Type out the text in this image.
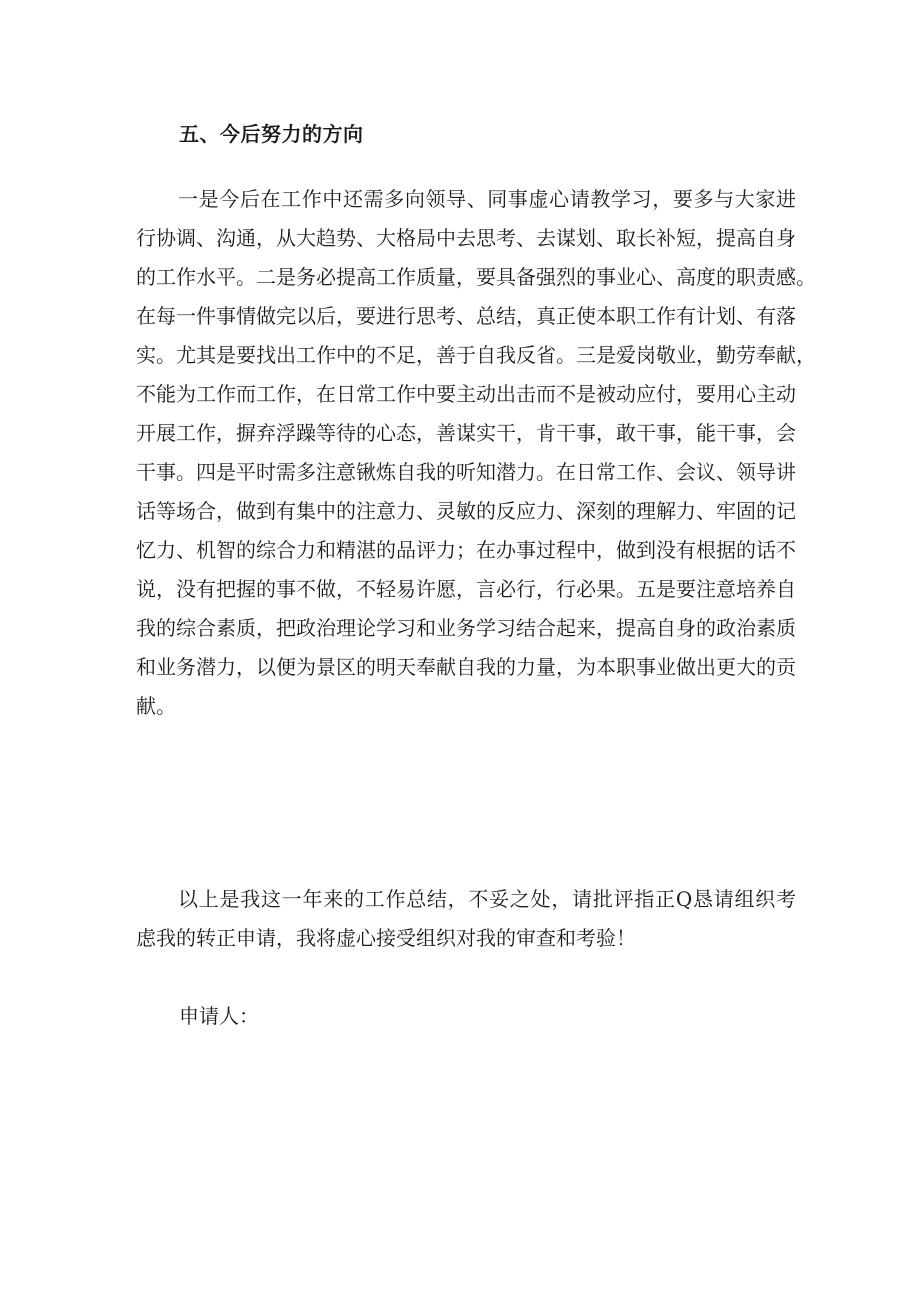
五、今后努力的方向
一是今后在工作中还需多向领导、同事虚心请教学习，要多与大家进
行协调、沟通，从大趋势、大格局中去思考、去谋划、取长补短，提高自身
的工作水平。二是务必提高工作质量，要具备强烈的事业心、高度的职责感。
在每一件事情做完以后，要进行思考、总结，真正使本职工作有计划、有落
实。尤其是要找出工作中的不足，善于自我反省。三是爱岗敬业，勤劳奉献，
不能为工作而工作，在日常工作中要主动出击而不是被动应付，要用心主动
开展工作，摒弃浮躁等待的心态，善谋实干，肯干事，敢干事，能干事，会
干事。四是平时需多注意锹炼自我的听知潜力。在日常工作、会议、领导讲
话等场合，做到有集中的注意力、灵敏的反应力、深刻的理解力、牢固的记
忆力、机智的综合力和精湛的品评力；在办事过程中，做到没有根据的话不
说，没有把握的事不做，不轻易许愿，言必行，行必果。五是要注意培养自
我的综合素质，把政治理论学习和业务学习结合起来，提高自身的政治素质
和业务潜力，以便为景区的明天奉献自我的力量，为本职事业做出更大的贡
献。
以上是我这一年来的工作总结，不妥之处，请批评指正Q恳请组织考
虑我的转正申请，我将虚心接受组织对我的审查和考验！
申请人：
